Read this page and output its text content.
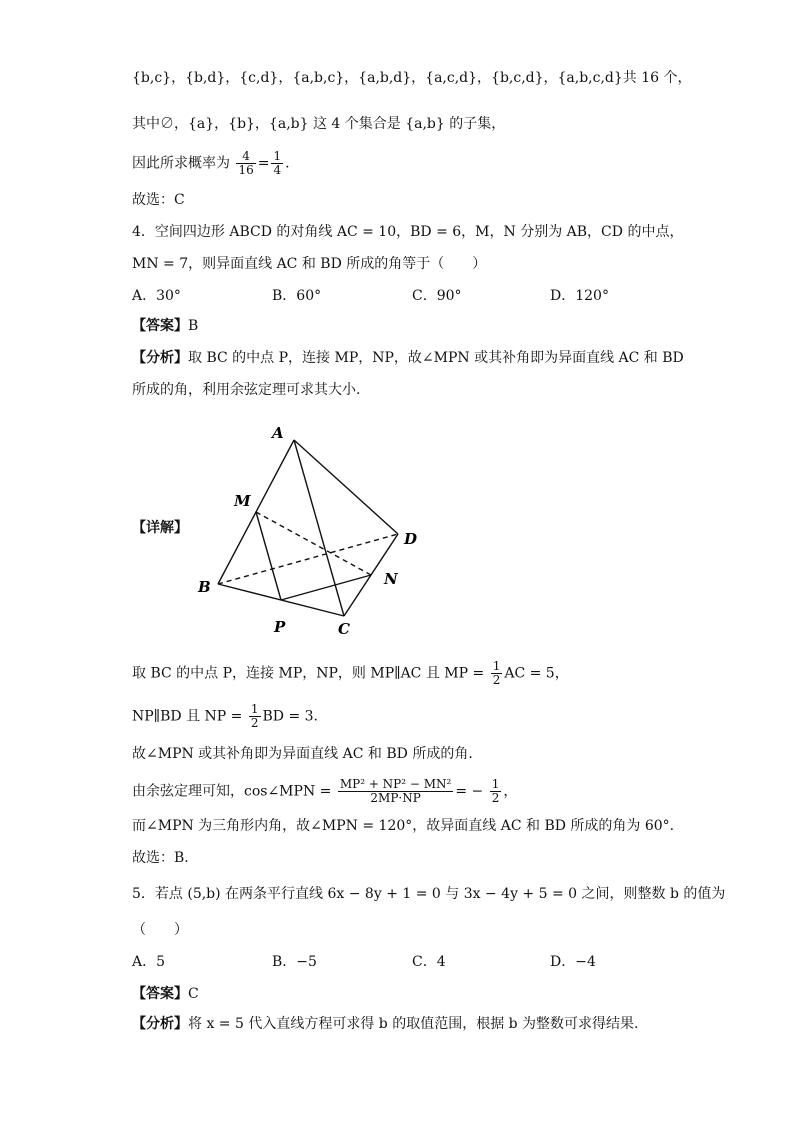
{b,c}，{b,d}，{c,d}，{a,b,c}，{a,b,d}，{a,c,d}，{b,c,d}，{a,b,c,d}共 16 个，
其中∅，{a}，{b}，{a,b} 这 4 个集合是 {a,b} 的子集，
因此所求概率为 $\frac{4}{16} = \frac{1}{4}$ .
故选：C
4．空间四边形 ABCD 的对角线 AC = 10，BD = 6，M，N 分别为 AB，CD 的中点，
MN = 7，则异面直线 AC 和 BD 所成的角等于（　　）
A．30°	B．60°	C．90°	D．120°
【答案】B
【分析】取 BC 的中点 P，连接 MP，NP，故∠MPN 或其补角即为异面直线 AC 和 BD
所成的角，利用余弦定理可求其大小.
【详解】
A
M
D
B	N
P	C
取 BC 的中点 P，连接 MP，NP，则 MP∥AC 且 MP = $\frac{1}{2}$ AC = 5，
NP∥BD 且 NP = $\frac{1}{2}$ BD = 3.
故∠MPN 或其补角即为异面直线 AC 和 BD 所成的角.
由余弦定理可知，cos∠MPN = $\frac{\text{MP² + NP² − MN²}}{2MP\cdot NP}$ = − $\frac{1}{2}$ ，
而∠MPN 为三角形内角，故∠MPN = 120°，故异面直线 AC 和 BD 所成的角为 60°.
故选：B.
5．若点 (5,b) 在两条平行直线 6x − 8y + 1 = 0 与 3x − 4y + 5 = 0 之间，则整数 b 的值为
（　　）
A．5	B．−5	C．4	D．−4
【答案】C
【分析】将 x = 5 代入直线方程可求得 b 的取值范围，根据 b 为整数可求得结果.
